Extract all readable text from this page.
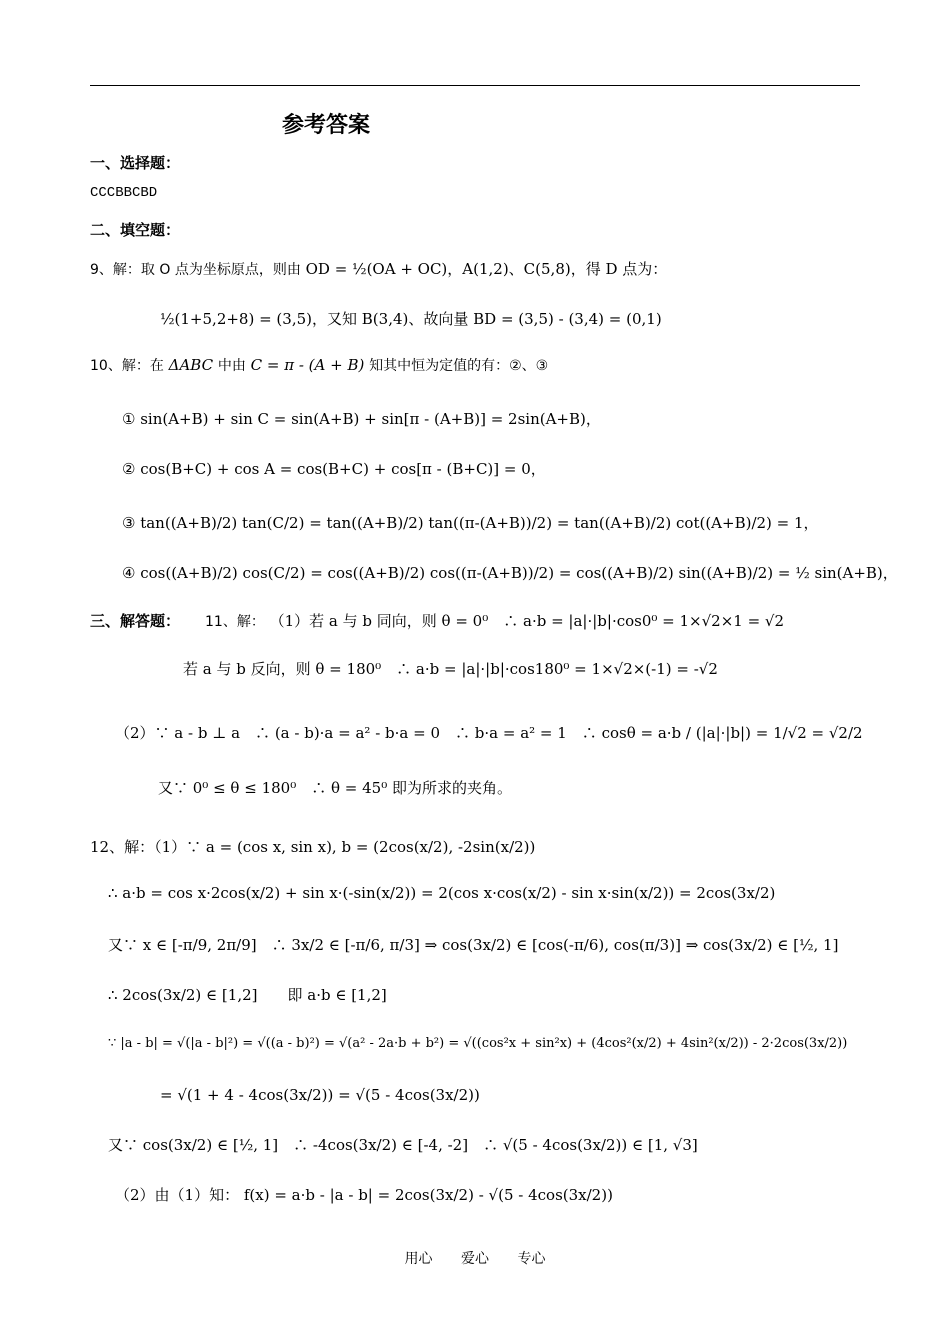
参考答案
一、选择题：
CCCBBCBD
二、填空题：
9、解：取 O 点为坐标原点，则由 OD = ½(OA + OC)，A(1,2)、C(5,8)，得 D 点为：
½(1+5,2+8) = (3,5)，又知 B(3,4)、故向量 BD = (3,5) - (3,4) = (0,1)
10、解：在 ΔABC 中由 C = π - (A + B) 知其中恒为定值的有：②、③
① sin(A+B) + sin C = sin(A+B) + sin[π - (A+B)] = 2sin(A+B)，
② cos(B+C) + cos A = cos(B+C) + cos[π - (B+C)] = 0，
③ tan((A+B)/2) tan(C/2) = tan((A+B)/2) tan((π-(A+B))/2) = tan((A+B)/2) cot((A+B)/2) = 1，
④ cos((A+B)/2) cos(C/2) = cos((A+B)/2) cos((π-(A+B))/2) = cos((A+B)/2) sin((A+B)/2) = ½ sin(A+B)，
三、解答题： 11、解： （1）若 a 与 b 同向，则 θ = 0⁰　∴ a·b = |a|·|b|·cos0⁰ = 1×√2×1 = √2
若 a 与 b 反向，则 θ = 180⁰　∴ a·b = |a|·|b|·cos180⁰ = 1×√2×(-1) = -√2
（2）∵ a - b ⊥ a　∴ (a - b)·a = a² - b·a = 0　∴ b·a = a² = 1　∴ cosθ = a·b / (|a|·|b|) = 1/√2 = √2/2
又∵ 0⁰ ≤ θ ≤ 180⁰　∴ θ = 45⁰ 即为所求的夹角。
12、解：（1）∵ a = (cos x, sin x), b = (2cos(x/2), -2sin(x/2))
∴ a·b = cos x·2cos(x/2) + sin x·(-sin(x/2)) = 2(cos x·cos(x/2) - sin x·sin(x/2)) = 2cos(3x/2)
又∵ x ∈ [-π/9, 2π/9]　∴ 3x/2 ∈ [-π/6, π/3] ⇒ cos(3x/2) ∈ [cos(-π/6), cos(π/3)] ⇒ cos(3x/2) ∈ [½, 1]
∴ 2cos(3x/2) ∈ [1,2]　　即 a·b ∈ [1,2]
∵ |a - b| = √(|a - b|²) = √((a - b)²) = √(a² - 2a·b + b²) = √((cos²x + sin²x) + (4cos²(x/2) + 4sin²(x/2)) - 2·2cos(3x/2))
= √(1 + 4 - 4cos(3x/2)) = √(5 - 4cos(3x/2))
又∵ cos(3x/2) ∈ [½, 1]　∴ -4cos(3x/2) ∈ [-4, -2]　∴ √(5 - 4cos(3x/2)) ∈ [1, √3]
（2）由（1）知： f(x) = a·b - |a - b| = 2cos(3x/2) - √(5 - 4cos(3x/2))
用心 爱心 专心
